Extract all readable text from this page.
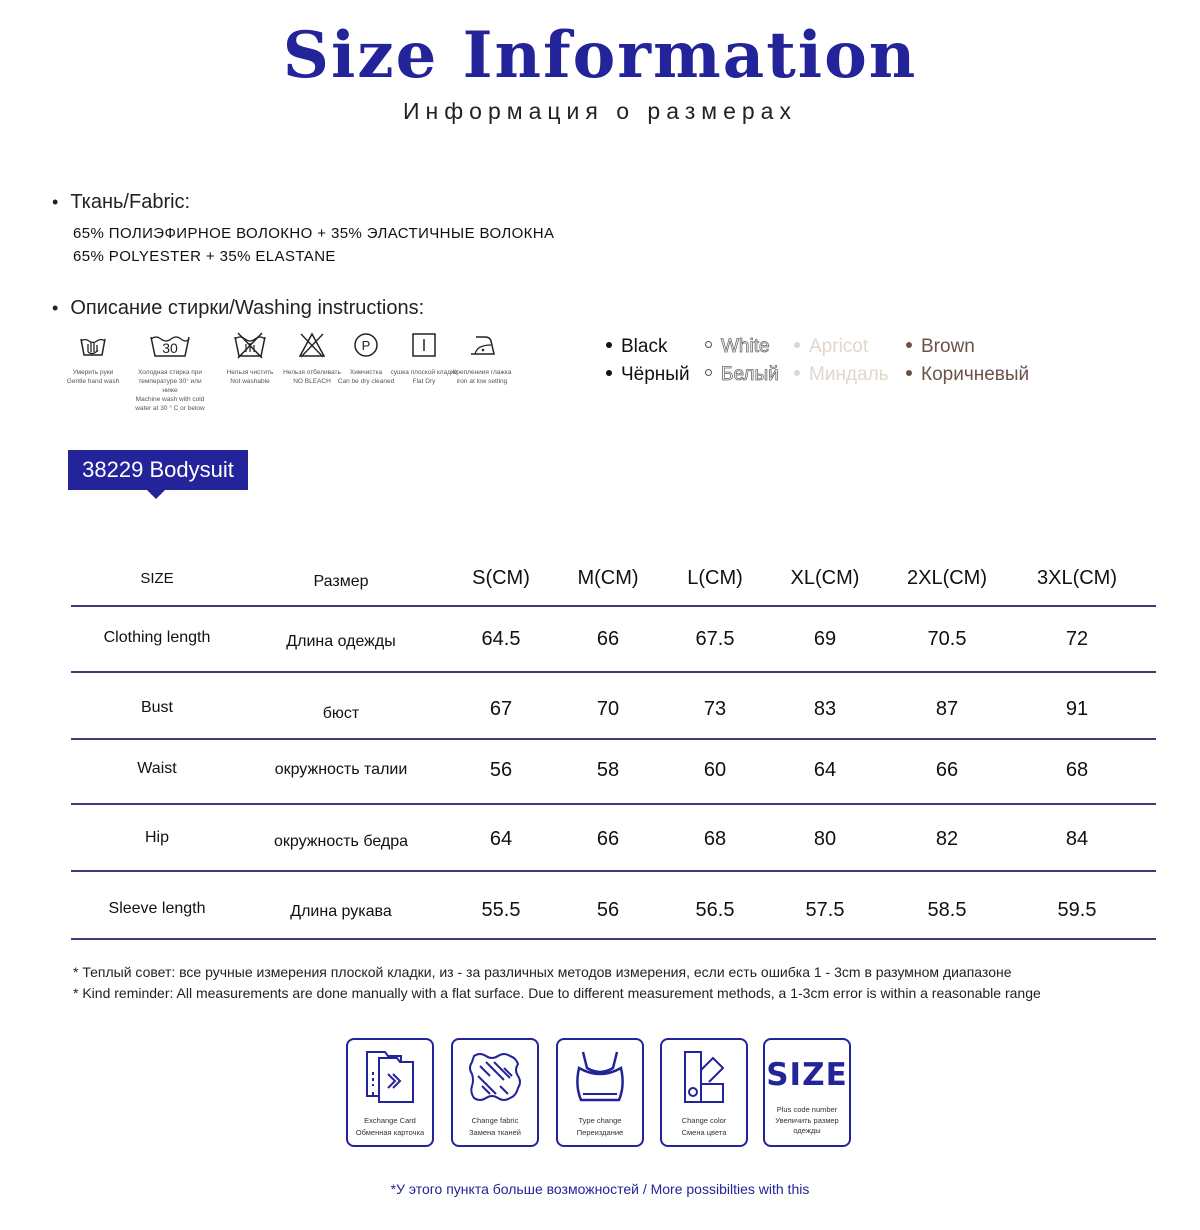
Size Information
Информация о размерах
• Ткань/Fabric:
65% ПОЛИЭФИРНОЕ ВОЛОКНО + 35% ЭЛАСТИЧНЫЕ ВОЛОКНА
65% POLYESTER + 35% ELASTANE
• Описание стирки/Washing instructions:
Умерить руки
Gentle hand wash
30
Холодная стирка при температуре 30° или ниже
Machine wash with cold water at 30 ° C or below
Нельзя чистить
Not washable
Нельзя отбеливать
NO BLEACH
P
Химчистка
Can be dry cleaned
сушка плоской кладки
Flat Dry
Креплениия глажка
iron at low setting
Black
Чёрный
White
Белый
Apricot
Миндаль
Brown
Коричневый
38229 Bodysuit
SIZE	Размер	S(CM)	M(CM)	L(CM)	XL(CM)	2XL(CM)	3XL(CM)
Clothing length	Длина одежды	64.5	66	67.5	69	70.5	72
Bust	бюст	67	70	73	83	87	91
Waist	окружность талии	56	58	60	64	66	68
Hip	окружность бедра	64	66	68	80	82	84
Sleeve length	Длина рукава	55.5	56	56.5	57.5	58.5	59.5
* Теплый совет: все ручные измерения плоской кладки, из - за различных методов измерения, если есть ошибка 1 - 3cm в разумном диапазоне
* Kind reminder: All measurements are done manually with a flat surface. Due to different measurement methods, a 1-3cm error is within a reasonable range
Exchange Card
Обменная карточка
Change fabric
Замена тканей
Type change
Переиздание
Change color
Смена цвета
SIZE
Plus code number
Увеличить размер одежды
*У этого пункта больше возможностей / More possibilties with this
